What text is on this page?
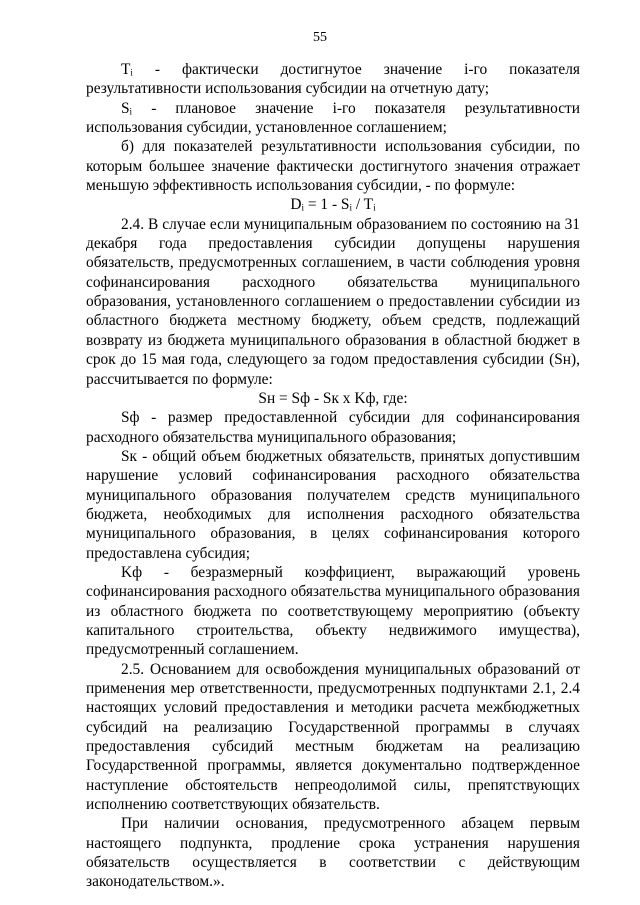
55

Tᵢ - фактически достигнутое значение i-го показателя результативности использования субсидии на отчетную дату;

Sᵢ - плановое значение i-го показателя результативности использования субсидии, установленное соглашением;

б) для показателей результативности использования субсидии, по которым большее значение фактически достигнутого значения отражает меньшую эффективность использования субсидии, - по формуле:

Dᵢ = 1 - Sᵢ / Tᵢ

2.4. В случае если муниципальным образованием по состоянию на 31 декабря года предоставления субсидии допущены нарушения обязательств, предусмотренных соглашением, в части соблюдения уровня софинансирования расходного обязательства муниципального образования, установленного соглашением о предоставлении субсидии из областного бюджета местному бюджету, объем средств, подлежащий возврату из бюджета муниципального образования в областной бюджет в срок до 15 мая года, следующего за годом предоставления субсидии (Sн), рассчитывается по формуле:

Sн = Sф - Sк x Kф, где:

Sф - размер предоставленной субсидии для софинансирования расходного обязательства муниципального образования;

Sк - общий объем бюджетных обязательств, принятых допустившим нарушение условий софинансирования расходного обязательства муниципального образования получателем средств муниципального бюджета, необходимых для исполнения расходного обязательства муниципального образования, в целях софинансирования которого предоставлена субсидия;

Kф - безразмерный коэффициент, выражающий уровень софинансирования расходного обязательства муниципального образования из областного бюджета по соответствующему мероприятию (объекту капитального строительства, объекту недвижимого имущества), предусмотренный соглашением.

2.5. Основанием для освобождения муниципальных образований от применения мер ответственности, предусмотренных подпунктами 2.1, 2.4 настоящих условий предоставления и методики расчета межбюджетных субсидий на реализацию Государственной программы в случаях предоставления субсидий местным бюджетам на реализацию Государственной программы, является документально подтвержденное наступление обстоятельств непреодолимой силы, препятствующих исполнению соответствующих обязательств.

При наличии основания, предусмотренного абзацем первым настоящего подпункта, продление срока устранения нарушения обязательств осуществляется в соответствии с действующим законодательством.».
